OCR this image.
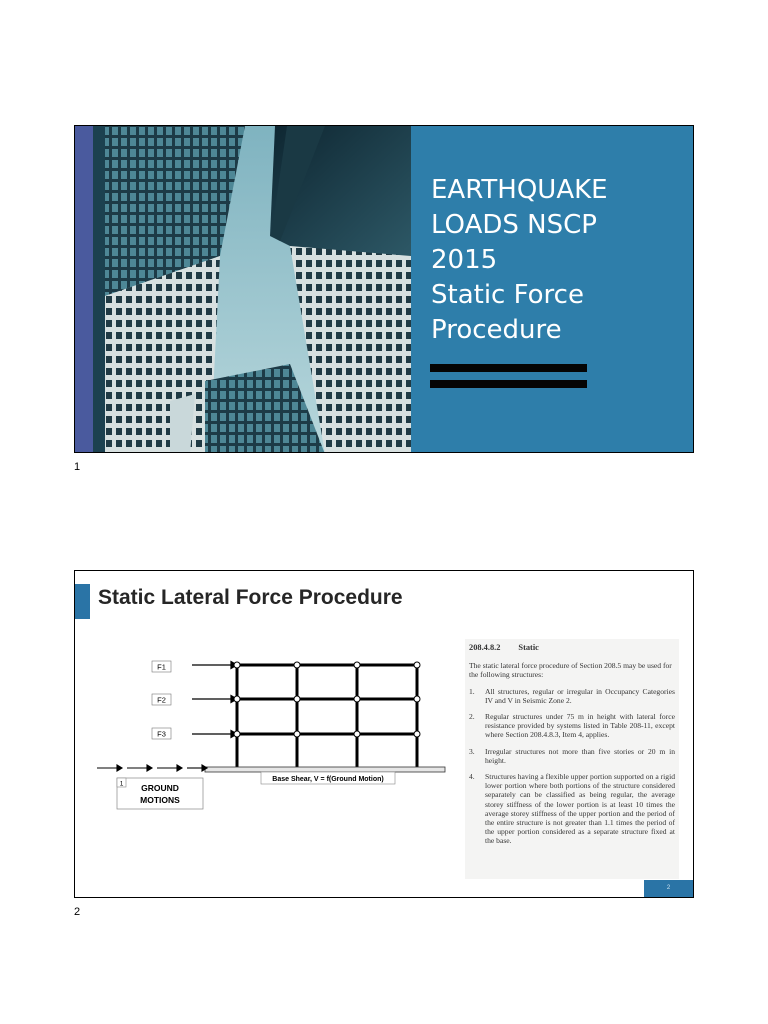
EARTHQUAKE
LOADS NSCP
2015
Static Force
Procedure
1
Static Lateral Force Procedure
F1
F2
F3
Base Shear, V = f(Ground Motion)
1 GROUND
MOTIONS
208.4.8.2 Static
The static lateral force procedure of Section 208.5 may be used for the following structures:
1.	All structures, regular or irregular in Occupancy Categories IV and V in Seismic Zone 2.
2.	Regular structures under 75 m in height with lateral force resistance provided by systems listed in Table 208-11, except where Section 208.4.8.3, Item 4, applies.
3.	Irregular structures not more than five stories or 20 m in height.
4.	Structures having a flexible upper portion supported on a rigid lower portion where both portions of the structure considered separately can be classified as being regular, the average storey stiffness of the lower portion is at least 10 times the average storey stiffness of the upper portion and the period of the entire structure is not greater than 1.1 times the period of the upper portion considered as a separate structure fixed at the base.
2
2
